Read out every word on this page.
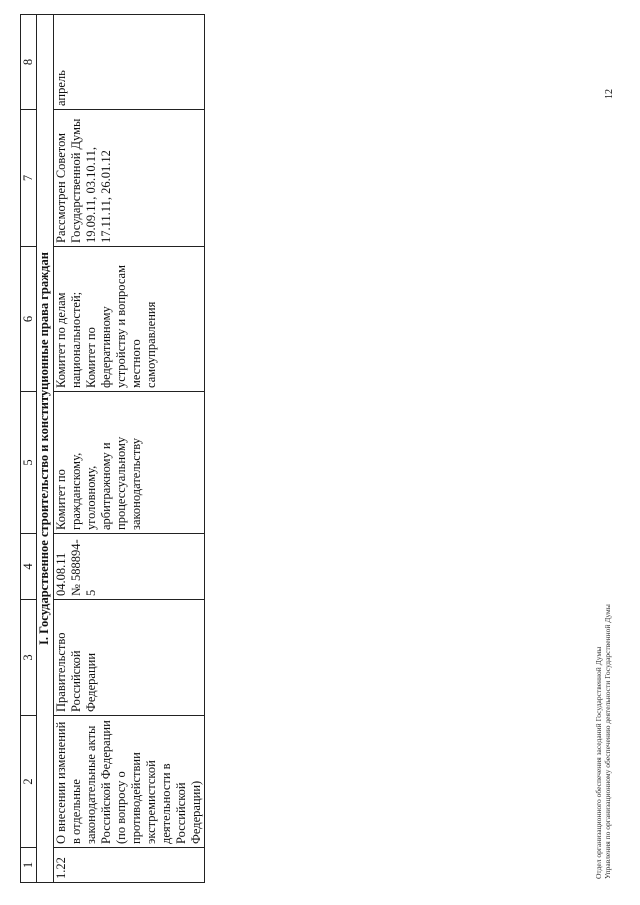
1	2	3	4	5	6	7	8
I. Государственное строительство и конституционные права граждан							
1.22	О внесении изменений в отдельные законодательные акты Российской Федерации (по вопросу о противодействии экстремистской деятельности в Российской Федерации)	Правительство Российской Федерации	04.08.11 № 588894-5	Комитет по гражданскому, уголовному, арбитражному и процессуальному законодательству	Комитет по делам национальностей; Комитет по федеративному устройству и вопросам местного самоуправления	Рассмотрен Советом Государственной Думы 19.09.11, 03.10.11, 17.11.11, 26.01.12	апрель	12
Отдел организационного обеспечения заседаний Государственной Думы Управления по организационному обеспечению деятельности Государственной Думы
